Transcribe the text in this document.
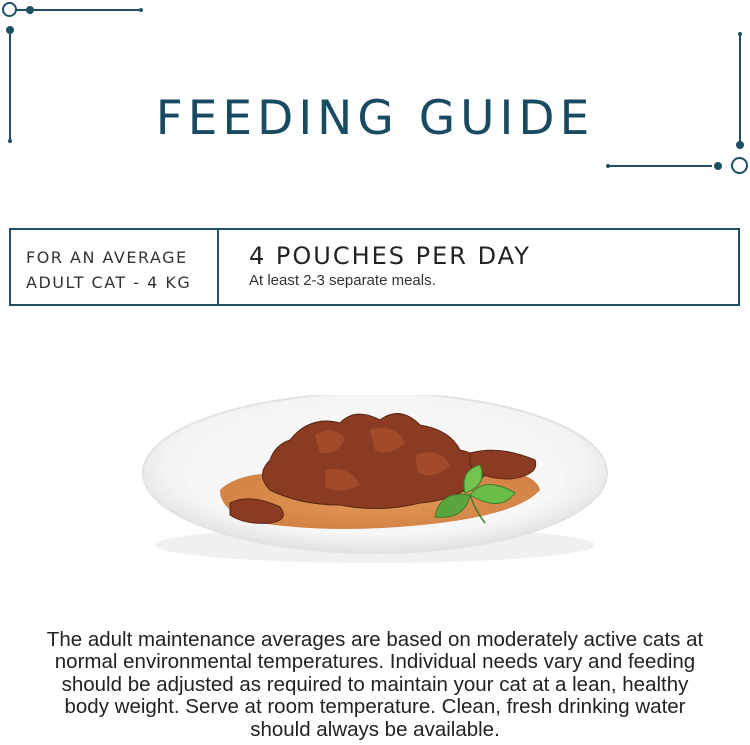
FEEDING GUIDE
FOR AN AVERAGE
ADULT CAT - 4 KG
4 POUCHES PER DAY
At least 2-3 separate meals.

The adult maintenance averages are based on moderately active cats at normal environmental temperatures. Individual needs vary and feeding should be adjusted as required to maintain your cat at a lean, healthy body weight. Serve at room temperature. Clean, fresh drinking water should always be available.
